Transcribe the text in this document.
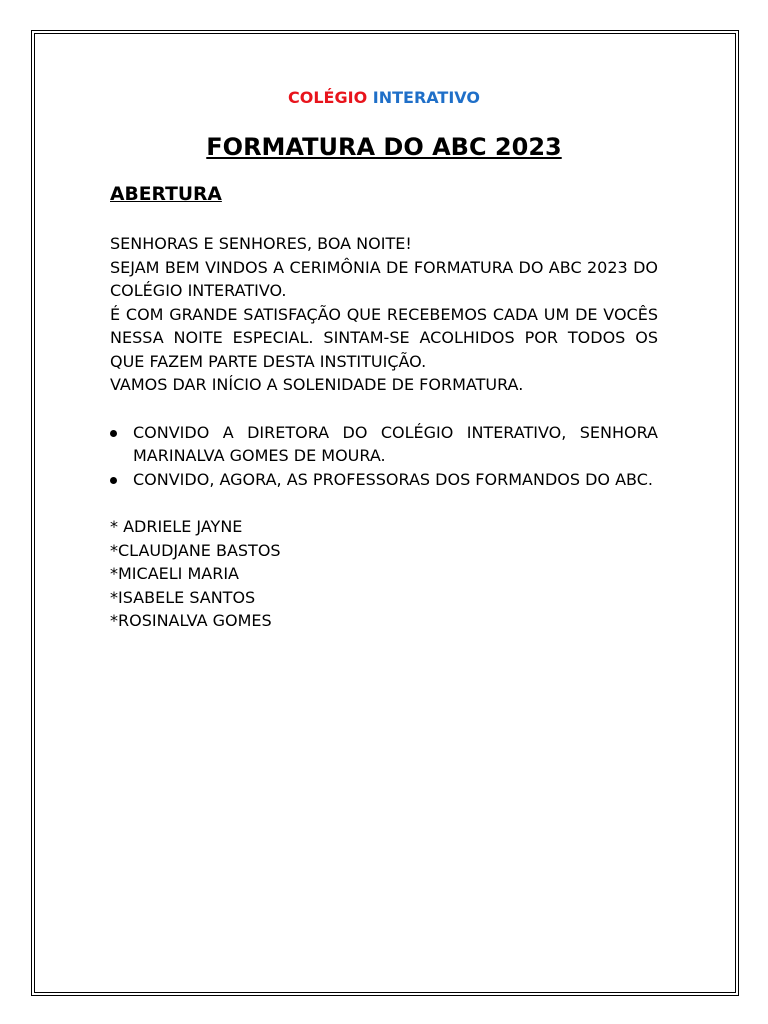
COLÉGIO INTERATIVO
FORMATURA DO ABC 2023
ABERTURA

SENHORAS E SENHORES, BOA NOITE!

SEJAM BEM VINDOS A CERIMÔNIA DE FORMATURA DO ABC 2023 DO COLÉGIO INTERATIVO.

É COM GRANDE SATISFAÇÃO QUE RECEBEMOS CADA UM DE VOCÊS NESSA NOITE ESPECIAL. SINTAM-SE ACOLHIDOS POR TODOS OS QUE FAZEM PARTE DESTA INSTITUIÇÃO.

VAMOS DAR INÍCIO A SOLENIDADE DE FORMATURA.

CONVIDO A DIRETORA DO COLÉGIO INTERATIVO, SENHORA MARINALVA GOMES DE MOURA.
CONVIDO, AGORA, AS PROFESSORAS DOS FORMANDOS DO ABC.
* ADRIELE JAYNE
*CLAUDJANE BASTOS
*MICAELI MARIA
*ISABELE SANTOS
*ROSINALVA GOMES
